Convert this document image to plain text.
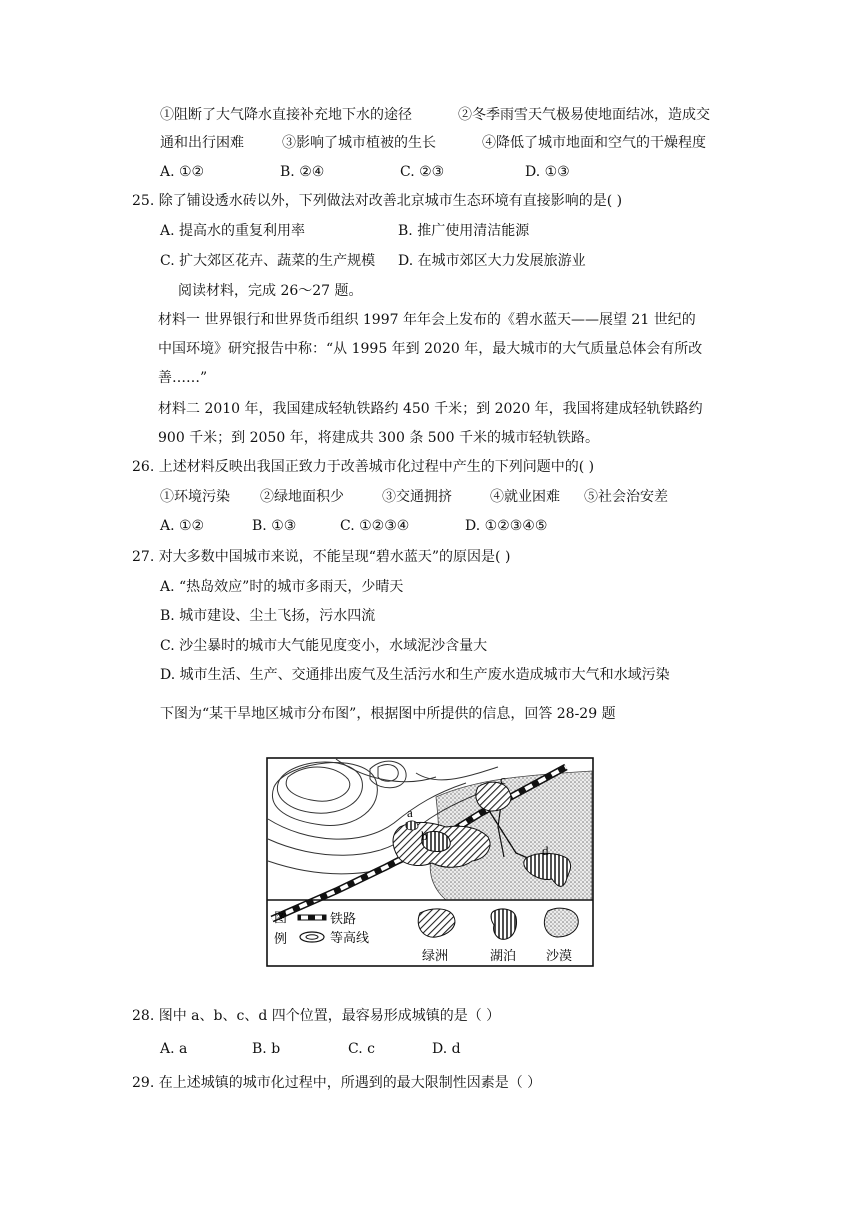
①阻断了大气降水直接补充地下水的途径	②冬季雨雪天气极易使地面结冰，造成交
通和出行困难	③影响了城市植被的生长	④降低了城市地面和空气的干燥程度
A. ①②	B. ②④	C. ②③	D. ①③
25. 除了铺设透水砖以外，下列做法对改善北京城市生态环境有直接影响的是( )
A. 提高水的重复利用率	B. 推广使用清洁能源
C. 扩大郊区花卉、蔬菜的生产规模 D. 在城市郊区大力发展旅游业
阅读材料，完成 26～27 题。
材料一 世界银行和世界货币组织 1997 年年会上发布的《碧水蓝天——展望 21 世纪的
中国环境》研究报告中称：“从 1995 年到 2020 年，最大城市的大气质量总体会有所改
善……”
材料二 2010 年，我国建成轻轨铁路约 450 千米；到 2020 年，我国将建成轻轨铁路约
900 千米；到 2050 年，将建成共 300 条 500 千米的城市轻轨铁路。
26. 上述材料反映出我国正致力于改善城市化过程中产生的下列问题中的( )
①环境污染 ②绿地面积少	③交通拥挤	④就业困难 ⑤社会治安差
A. ①②	B. ①③	C. ①②③④	D. ①②③④⑤
27. 对大多数中国城市来说，不能呈现“碧水蓝天”的原因是( )
A. “热岛效应”时的城市多雨天，少晴天
B. 城市建设、尘土飞扬，污水四流
C. 沙尘暴时的城市大气能见度变小，水域泥沙含量大
D. 城市生活、生产、交通排出废气及生活污水和生产废水造成城市大气和水域污染
下图为“某干旱地区城市分布图”，根据图中所提供的信息，回答 28-29 题
a
b
c
d
图
例
铁路
等高线
绿洲	湖泊 沙漠
28. 图中 a、b、c、d 四个位置，最容易形成城镇的是（ ）
A. a	B. b	C. c	D. d
29. 在上述城镇的城市化过程中，所遇到的最大限制性因素是（ ）
